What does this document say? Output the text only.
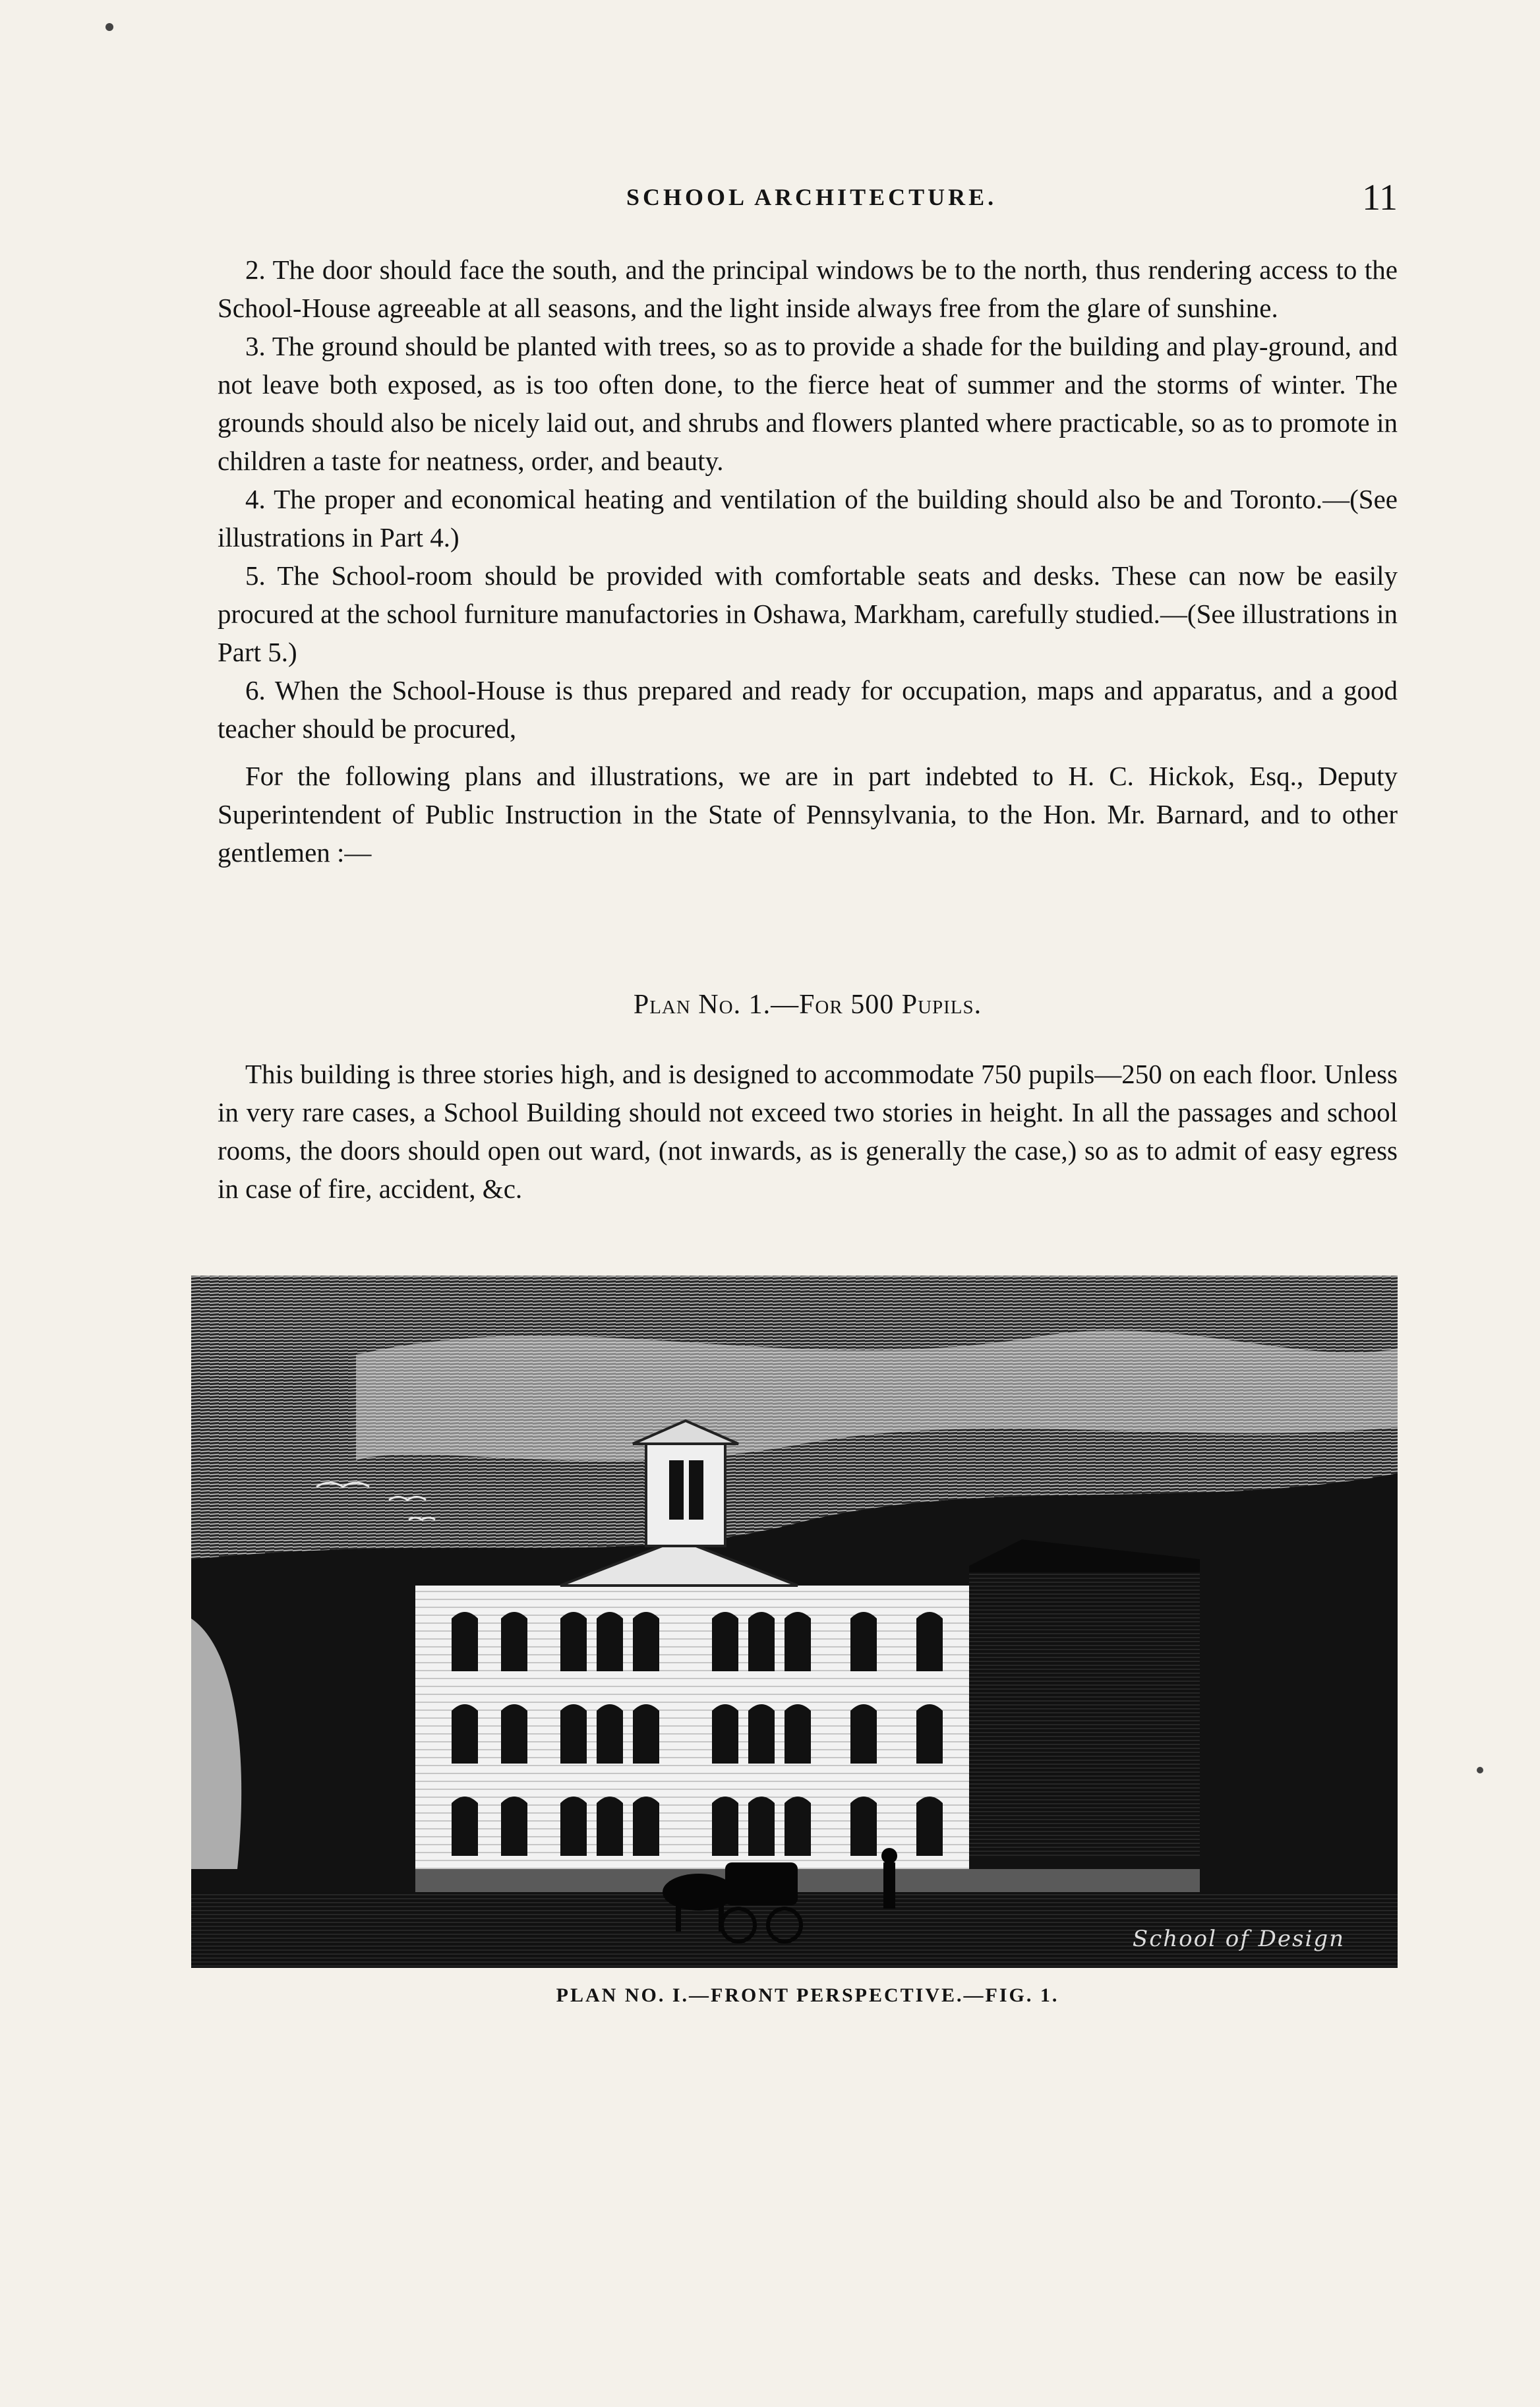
SCHOOL ARCHITECTURE.	11

2. The door should face the south, and the principal windows be to the north, thus rendering access to the School-House agreeable at all seasons, and the light inside always free from the glare of sunshine.

3. The ground should be planted with trees, so as to provide a shade for the building and play-ground, and not leave both exposed, as is too often done, to the fierce heat of summer and the storms of winter. The grounds should also be nicely laid out, and shrubs and flowers planted where practicable, so as to promote in children a taste for neatness, order, and beauty.

4. The proper and economical heating and ventilation of the building should also be and Toronto.—(See illustrations in Part 4.)

5. The School-room should be provided with comfortable seats and desks. These can now be easily procured at the school furniture manufactories in Oshawa, Markham, carefully studied.—(See illustrations in Part 5.)

6. When the School-House is thus prepared and ready for occupation, maps and apparatus, and a good teacher should be procured,

For the following plans and illustrations, we are in part indebted to H. C. Hickok, Esq., Deputy Superintendent of Public Instruction in the State of Pennsylvania, to the Hon. Mr. Barnard, and to other gentlemen :—

Plan No. 1.—For 500 Pupils.

This building is three stories high, and is designed to accommodate 750 pupils—250 on each floor. Unless in very rare cases, a School Building should not exceed two stories in height. In all the passages and school rooms, the doors should open out ward, (not inwards, as is generally the case,) so as to admit of easy egress in case of fire, accident, &c.

School of Design
PLAN NO. I.—FRONT PERSPECTIVE.—FIG. 1.
